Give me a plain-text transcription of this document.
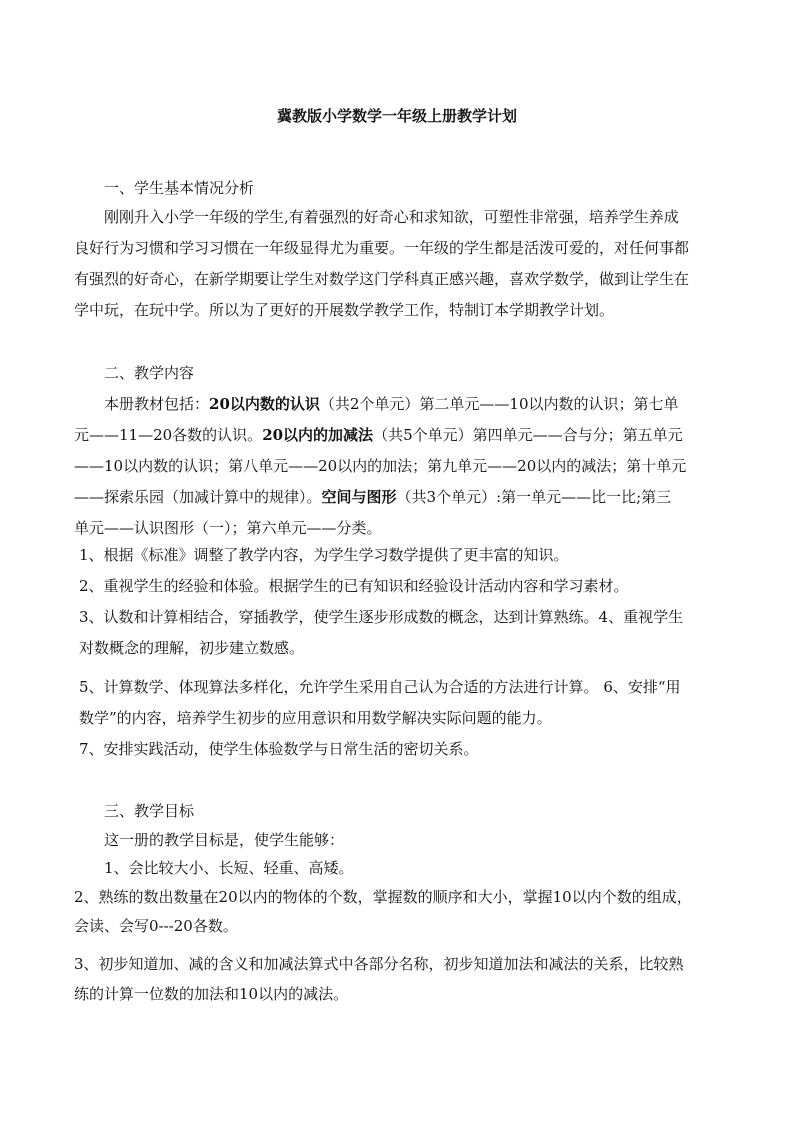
冀教版小学数学一年级上册教学计划
一、学生基本情况分析
刚刚升入小学一年级的学生,有着强烈的好奇心和求知欲，可塑性非常强，培养学生养成
良好行为习惯和学习习惯在一年级显得尤为重要。一年级的学生都是活泼可爱的，对任何事都
有强烈的好奇心，在新学期要让学生对数学这门学科真正感兴趣，喜欢学数学，做到让学生在
学中玩，在玩中学。所以为了更好的开展数学教学工作，特制订本学期教学计划。
二、教学内容
本册教材包括：20以内数的认识（共2个单元）第二单元——10以内数的认识；第七单
元——11—20各数的认识。20以内的加减法（共5个单元）第四单元——合与分；第五单元
——10以内数的认识；第八单元——20以内的加法；第九单元——20以内的减法；第十单元
——探索乐园（加减计算中的规律）。空间与图形（共3个单元）:第一单元——比一比;第三
单元——认识图形（一）；第六单元——分类。
1、根据《标准》调整了教学内容，为学生学习数学提供了更丰富的知识。
2、重视学生的经验和体验。根据学生的已有知识和经验设计活动内容和学习素材。
3、认数和计算相结合，穿插教学，使学生逐步形成数的概念，达到计算熟练。4、重视学生
对数概念的理解，初步建立数感。
5、计算数学、体现算法多样化，允许学生采用自己认为合适的方法进行计算。 6、安排“用
数学”的内容，培养学生初步的应用意识和用数学解决实际问题的能力。
7、安排实践活动，使学生体验数学与日常生活的密切关系。
三、教学目标
这一册的教学目标是，使学生能够：
1、会比较大小、长短、轻重、高矮。
2、熟练的数出数量在20以内的物体的个数，掌握数的顺序和大小，掌握10以内个数的组成，
会读、会写0---20各数。
3、初步知道加、减的含义和加减法算式中各部分名称，初步知道加法和减法的关系，比较熟
练的计算一位数的加法和10以内的减法。
